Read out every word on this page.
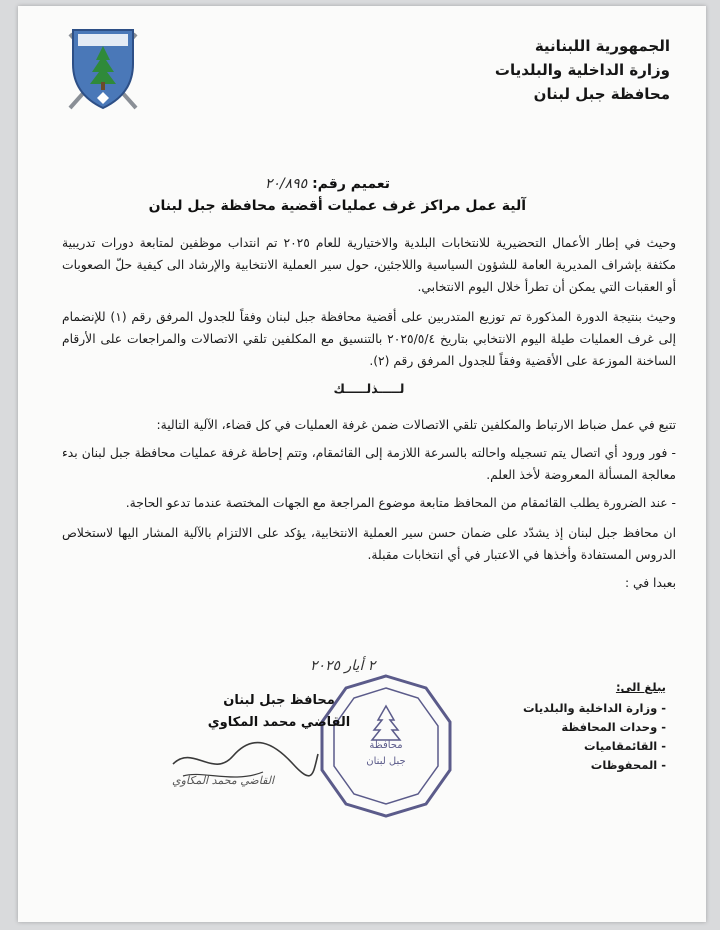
الجمهورية اللبنانية
وزارة الداخلية والبلديات
محافظة جبل لبنان
تعميم رقم: ٢٠/٨٩٥
آلية عمل مراكز غرف عمليات أقضية محافظة جبل لبنان

وحيث في إطار الأعمال التحضيرية للانتخابات البلدية والاختيارية للعام ٢٠٢٥ تم انتداب موظفين لمتابعة دورات تدريبية مكثفة بإشراف المديرية العامة للشؤون السياسية واللاجئين، حول سير العملية الانتخابية والإرشاد الى كيفية حلّ الصعوبات أو العقبات التي يمكن أن تطرأ خلال اليوم الانتخابي.

وحيث بنتيجة الدورة المذكورة تم توزيع المتدربين على أقضية محافظة جبل لبنان وفقاً للجدول المرفق رقم (١) للإنضمام إلى غرف العمليات طيلة اليوم الانتخابي بتاريخ ٢٠٢٥/٥/٤ بالتنسيق مع المكلفين تلقي الاتصالات والمراجعات على الأرقام الساخنة الموزعة على الأقضية وفقاً للجدول المرفق رقم (٢).

لـــــذلـــــك

تتبع في عمل ضباط الارتباط والمكلفين تلقي الاتصالات ضمن غرفة العمليات في كل قضاء، الآلية التالية:

- فور ورود أي اتصال يتم تسجيله واحالته بالسرعة اللازمة إلى القائمقام، وتتم إحاطة غرفة عمليات محافظة جبل لبنان بدء معالجة المسألة المعروضة لأخذ العلم.

- عند الضرورة يطلب القائمقام من المحافظ متابعة موضوع المراجعة مع الجهات المختصة عندما تدعو الحاجة.

ان محافظ جبل لبنان إذ يشدّد على ضمان حسن سير العملية الانتخابية، يؤكد على الالتزام بالآلية المشار اليها لاستخلاص الدروس المستفادة وأخذها في الاعتبار في أي انتخابات مقبلة.

بعبدا في :

٢ أيار ٢٠٢٥
يبلغ الى:
- وزارة الداخلية والبلديات
- وحدات المحافظة
- القائمقاميات
- المحفوظات
محافظة
جبل لبنان
محافظ جبل لبنان
القاضي محمد المكاوي
القاضي محمد المكاوي
